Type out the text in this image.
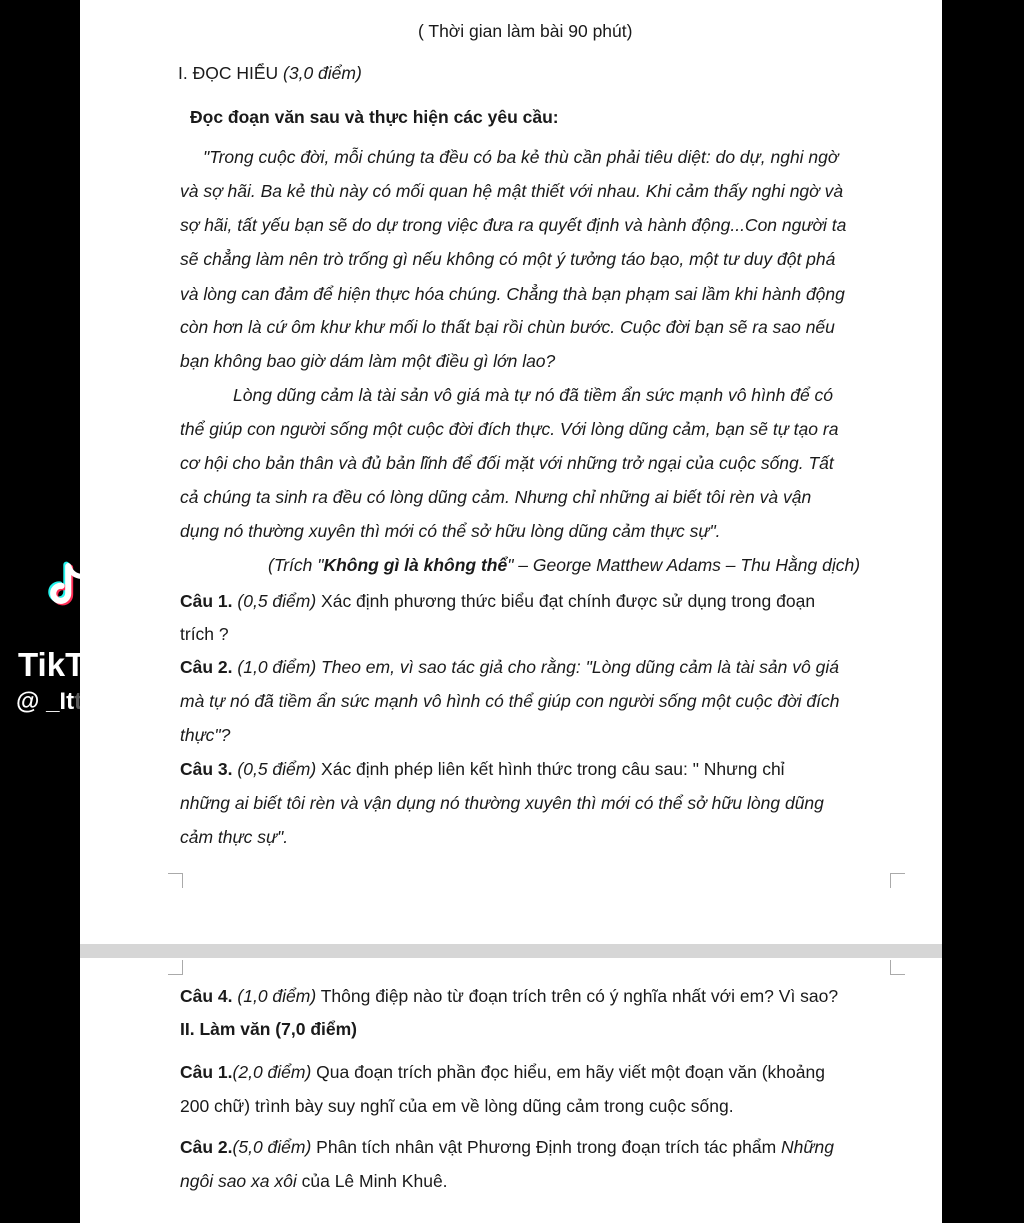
( Thời gian làm bài 90 phút)
I. ĐỌC HIỂU (3,0 điểm)
Đọc đoạn văn sau và thực hiện các yêu cầu:
"Trong cuộc đời, mỗi chúng ta đều có ba kẻ thù cần phải tiêu diệt: do dự, nghi ngờ
và sợ hãi. Ba kẻ thù này có mối quan hệ mật thiết với nhau. Khi cảm thấy nghi ngờ và
sợ hãi, tất yếu bạn sẽ do dự trong việc đưa ra quyết định và hành động...Con người ta
sẽ chẳng làm nên trò trống gì nếu không có một ý tưởng táo bạo, một tư duy đột phá
và lòng can đảm để hiện thực hóa chúng. Chẳng thà bạn phạm sai lầm khi hành động
còn hơn là cứ ôm khư khư mối lo thất bại rồi chùn bước. Cuộc đời bạn sẽ ra sao nếu
bạn không bao giờ dám làm một điều gì lớn lao?
Lòng dũng cảm là tài sản vô giá mà tự nó đã tiềm ẩn sức mạnh vô hình để có
thể giúp con người sống một cuộc đời đích thực. Với lòng dũng cảm, bạn sẽ tự tạo ra
cơ hội cho bản thân và đủ bản lĩnh để đối mặt với những trở ngại của cuộc sống. Tất
cả chúng ta sinh ra đều có lòng dũng cảm. Nhưng chỉ những ai biết tôi rèn và vận
dụng nó thường xuyên thì mới có thể sở hữu lòng dũng cảm thực sự".
(Trích "Không gì là không thể" – George Matthew Adams – Thu Hằng dịch)
Câu 1. (0,5 điểm) Xác định phương thức biểu đạt chính được sử dụng trong đoạn
trích ?
Câu 2. (1,0 điểm) Theo em, vì sao tác giả cho rằng: "Lòng dũng cảm là tài sản vô giá
mà tự nó đã tiềm ẩn sức mạnh vô hình có thể giúp con người sống một cuộc đời đích
thực"?
Câu 3. (0,5 điểm) Xác định phép liên kết hình thức trong câu sau: " Nhưng chỉ
những ai biết tôi rèn và vận dụng nó thường xuyên thì mới có thể sở hữu lòng dũng
cảm thực sự".
Câu 4. (1,0 điểm) Thông điệp nào từ đoạn trích trên có ý nghĩa nhất với em? Vì sao?
II. Làm văn (7,0 điểm)
Câu 1.(2,0 điểm) Qua đoạn trích phần đọc hiểu, em hãy viết một đoạn văn (khoảng
200 chữ) trình bày suy nghĩ của em về lòng dũng cảm trong cuộc sống.
Câu 2.(5,0 điểm) Phân tích nhân vật Phương Định trong đoạn trích tác phẩm Những
ngôi sao xa xôi của Lê Minh Khuê.
TikTok
@ _Itthien2
